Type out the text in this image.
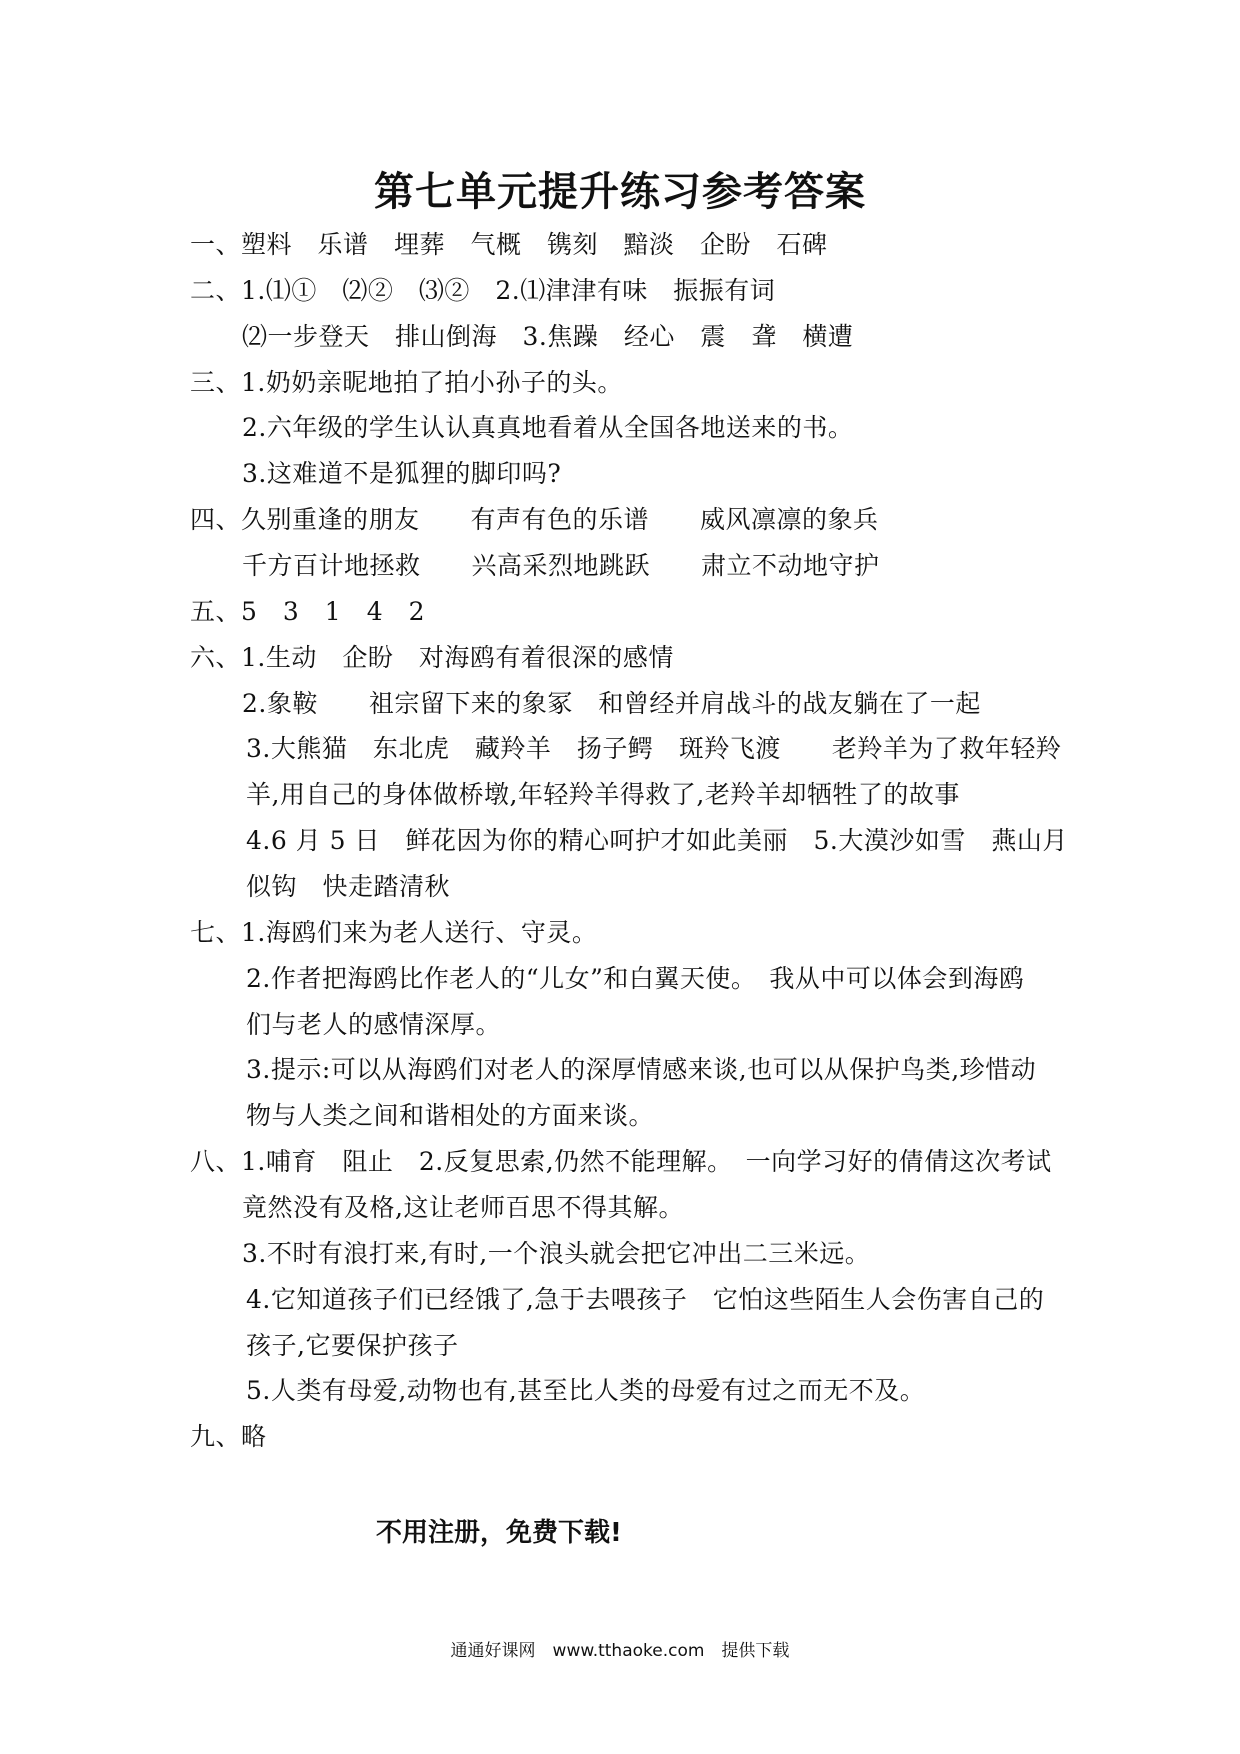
第七单元提升练习参考答案
一、塑料　乐谱　埋葬　气概　镌刻　黯淡　企盼　石碑
二、1.⑴①　⑵②　⑶②　2.⑴津津有味　振振有词
⑵一步登天　排山倒海　3.焦躁　经心　震　聋　横遭
三、1.奶奶亲昵地拍了拍小孙子的头。
2.六年级的学生认认真真地看着从全国各地送来的书。
3.这难道不是狐狸的脚印吗?
四、久别重逢的朋友　　有声有色的乐谱　　威风凛凛的象兵
千方百计地拯救　　兴高采烈地跳跃　　肃立不动地守护
五、5　3　1　4　2
六、1.生动　企盼　对海鸥有着很深的感情
2.象鞍　　祖宗留下来的象冢　和曾经并肩战斗的战友躺在了一起
3.大熊猫　东北虎　藏羚羊　扬子鳄　斑羚飞渡　　老羚羊为了救年轻羚
羊,用自己的身体做桥墩,年轻羚羊得救了,老羚羊却牺牲了的故事
4.6 月 5 日　鲜花因为你的精心呵护才如此美丽　5.大漠沙如雪　燕山月
似钩　快走踏清秋
七、1.海鸥们来为老人送行、守灵。
2.作者把海鸥比作老人的“儿女”和白翼天使。　我从中可以体会到海鸥
们与老人的感情深厚。
3.提示:可以从海鸥们对老人的深厚情感来谈,也可以从保护鸟类,珍惜动
物与人类之间和谐相处的方面来谈。
八、1.哺育　阻止　2.反复思索,仍然不能理解。　一向学习好的倩倩这次考试
竟然没有及格,这让老师百思不得其解。
3.不时有浪打来,有时,一个浪头就会把它冲出二三米远。
4.它知道孩子们已经饿了,急于去喂孩子　它怕这些陌生人会伤害自己的
孩子,它要保护孩子
5.人类有母爱,动物也有,甚至比人类的母爱有过之而无不及。
九、略
不用注册，免费下载!
通通好课网　www.tthaoke.com　提供下载
